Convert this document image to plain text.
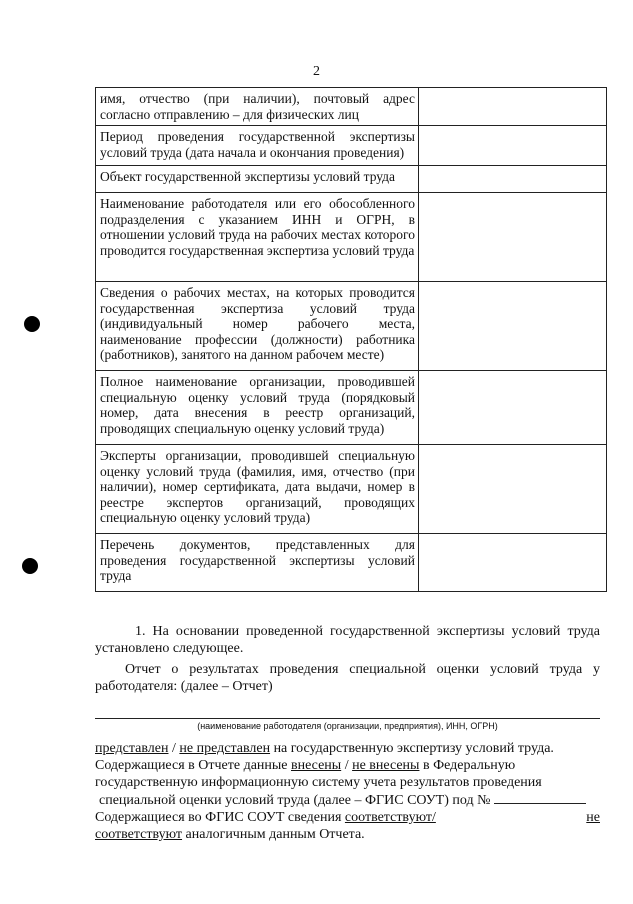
2
имя, отчество (при наличии), почтовый адрес согласно отправлению – для физических лиц	
Период проведения государственной экспертизы условий труда (дата начала и окончания проведения)	
Объект государственной экспертизы условий труда	
Наименование работодателя или его обособленного подразделения с указанием ИНН и ОГРН, в отношении условий труда на рабочих местах которого проводится государственная экспертиза условий труда	
Сведения о рабочих местах, на которых проводится государственная экспертиза условий труда (индивидуальный номер рабочего места, наименование профессии (должности) работника (работников), занятого на данном рабочем месте)	
Полное наименование организации, проводившей специальную оценку условий труда (порядковый номер, дата внесения в реестр организаций, проводящих специальную оценку условий труда)	
Эксперты организации, проводившей специальную оценку условий труда (фамилия, имя, отчество (при наличии), номер сертификата, дата выдачи, номер в реестре экспертов организаций, проводящих специальную оценку условий труда)	
Перечень документов, представленных для проведения государственной экспертизы условий труда	
1. На основании проведенной государственной экспертизы условий труда установлено следующее.
Отчет о результатах проведения специальной оценки условий труда у работодателя: (далее – Отчет)
(наименование работодателя (организации, предприятия), ИНН, ОГРН)
представлен / не представлен на государственную экспертизу условий труда.
Содержащиеся в Отчете данные внесены / не внесены в Федеральную
государственную информационную систему учета результатов проведения
специальной оценки условий труда (далее – ФГИС СОУТ) под №
Содержащиеся во ФГИС СОУТ сведения соответствуют/	не
соответствуют аналогичным данным Отчета.
